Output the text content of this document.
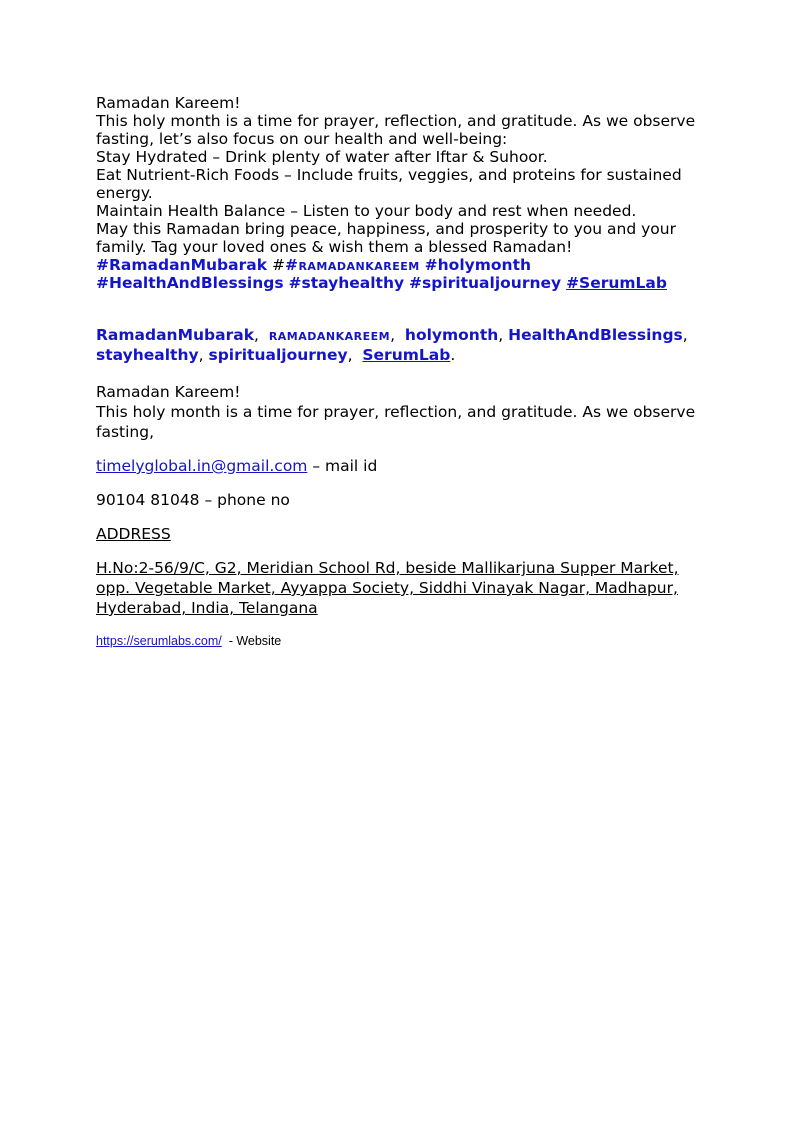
Ramadan Kareem!

This holy month is a time for prayer, reflection, and gratitude. As we observe fasting, let’s also focus on our health and well-being:

Stay Hydrated – Drink plenty of water after Iftar & Suhoor.

Eat Nutrient-Rich Foods – Include fruits, veggies, and proteins for sustained energy.

Maintain Health Balance – Listen to your body and rest when needed.

May this Ramadan bring peace, happiness, and prosperity to you and your family. Tag your loved ones & wish them a blessed Ramadan!

#RamadanMubarak ##ramadankareem #holymonth #HealthAndBlessings #stayhealthy #spiritualjourney #SerumLab

RamadanMubarak, ramadankareem, holymonth, HealthAndBlessings,  stayhealthy, spiritualjourney, SerumLab.

Ramadan Kareem!

This holy month is a time for prayer, reflection, and gratitude. As we observe fasting,

timelyglobal.in@gmail.com – mail id

90104 81048 – phone no

ADDRESS

H.No:2-56/9/C, G2, Meridian School Rd, beside Mallikarjuna Supper Market, opp. Vegetable Market, Ayyappa Society, Siddhi Vinayak Nagar, Madhapur, Hyderabad, India, Telangana

https://serumlabs.com/  - Website
